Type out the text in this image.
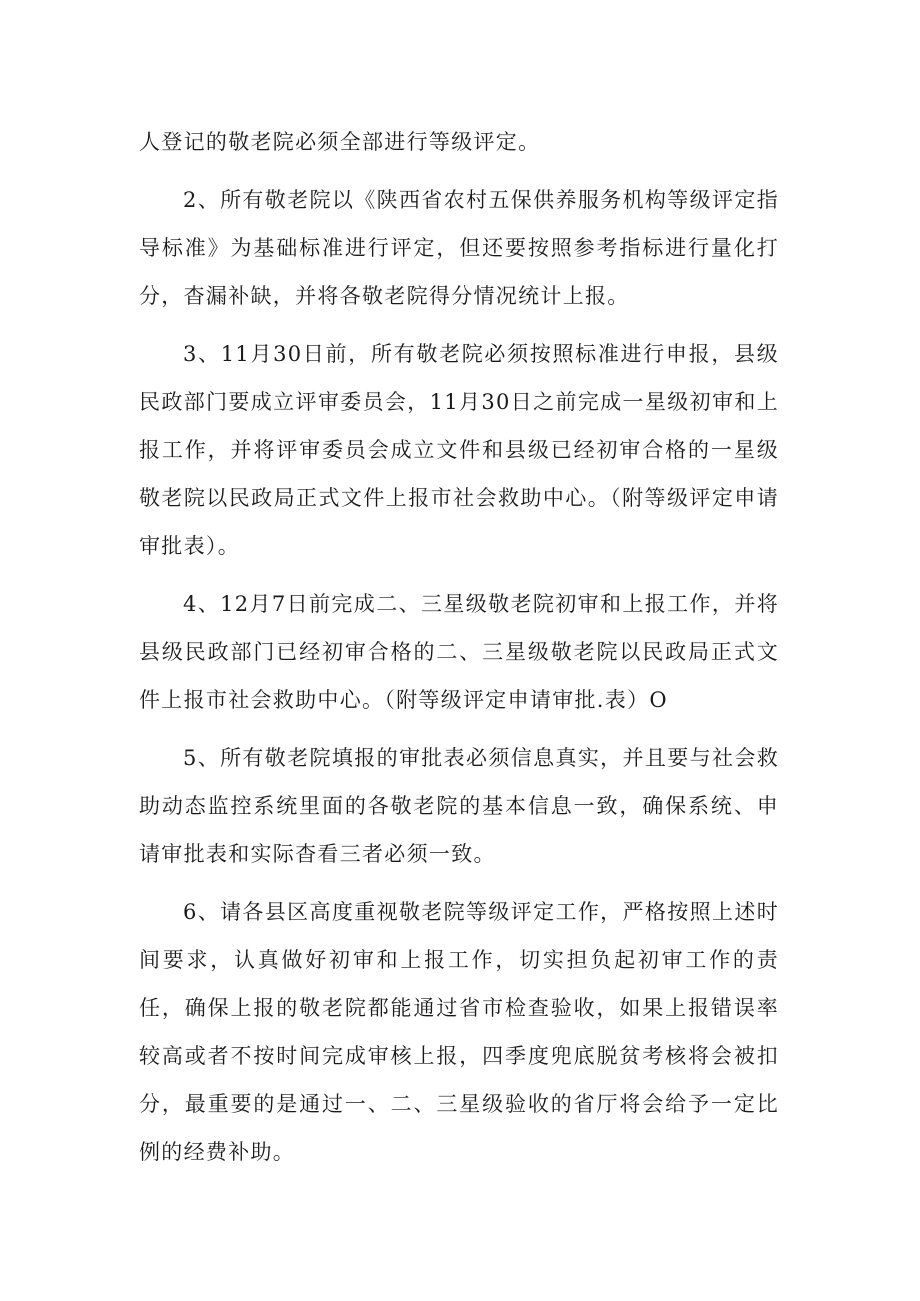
人登记的敬老院必须全部进行等级评定。

2、所有敬老院以《陕西省农村五保供养服务机构等级评定指导标准》为基础标准进行评定，但还要按照参考指标进行量化打分，杳漏补缺，并将各敬老院得分情况统计上报。

3、11月30日前，所有敬老院必须按照标准进行申报，县级民政部门要成立评审委员会，11月30日之前完成一星级初审和上报工作，并将评审委员会成立文件和县级已经初审合格的一星级敬老院以民政局正式文件上报市社会救助中心。（附等级评定申请审批表）。

4、12月7日前完成二、三星级敬老院初审和上报工作，并将县级民政部门已经初审合格的二、三星级敬老院以民政局正式文件上报市社会救助中心。（附等级评定申请审批.表）O

5、所有敬老院填报的审批表必须信息真实，并且要与社会救助动态监控系统里面的各敬老院的基本信息一致，确保系统、申请审批表和实际杳看三者必须一致。

6、请各县区高度重视敬老院等级评定工作，严格按照上述时间要求，认真做好初审和上报工作，切实担负起初审工作的责任，确保上报的敬老院都能通过省市检查验收，如果上报错误率较高或者不按时间完成审核上报，四季度兜底脱贫考核将会被扣分，最重要的是通过一、二、三星级验收的省厅将会给予一定比例的经费补助。
